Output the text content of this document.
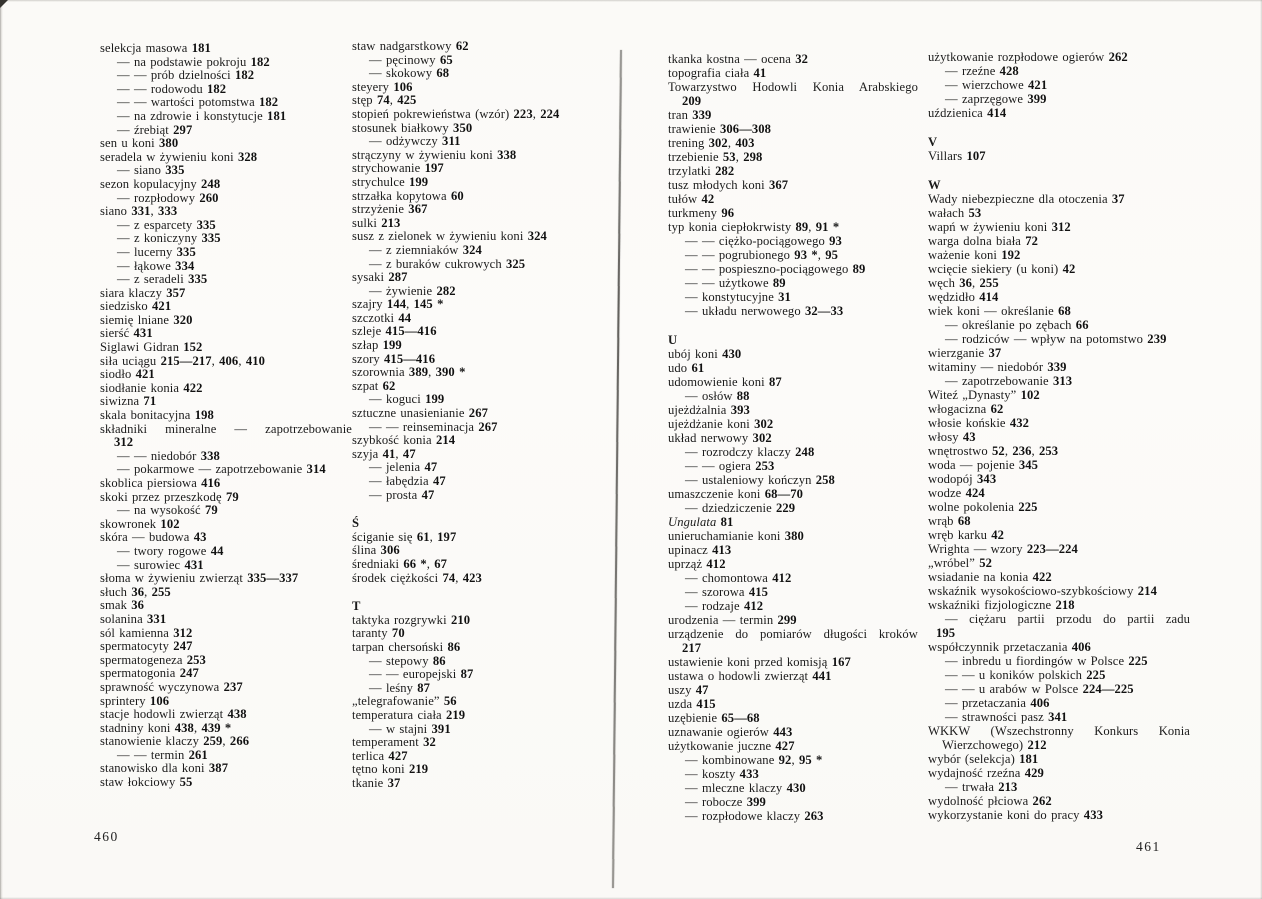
selekcja masowa 181
— na podstawie pokroju 182
— — prób dzielności 182
— — rodowodu 182
— — wartości potomstwa 182
— na zdrowie i konstytucje 181
— źrebiąt 297
sen u koni 380
seradela w żywieniu koni 328
— siano 335
sezon kopulacyjny 248
— rozpłodowy 260
siano 331, 333
— z esparcety 335
— z koniczyny 335
— lucerny 335
— łąkowe 334
— z seradeli 335
siara klaczy 357
siedzisko 421
siemię lniane 320
sierść 431
Siglawi Gidran 152
siła uciągu 215—217, 406, 410
siodło 421
siodłanie konia 422
siwizna 71
skala bonitacyjna 198
składniki mineralne — zapotrzebowanie312
— — niedobór 338
— pokarmowe — zapotrzebowanie 314
skoblica piersiowa 416
skoki przez przeszkodę 79
— na wysokość 79
skowronek 102
skóra — budowa 43
— twory rogowe 44
— surowiec 431
słoma w żywieniu zwierząt 335—337
słuch 36, 255
smak 36
solanina 331
sól kamienna 312
spermatocyty 247
spermatogeneza 253
spermatogonia 247
sprawność wyczynowa 237
sprintery 106
stacje hodowli zwierząt 438
stadniny koni 438, 439 *
stanowienie klaczy 259, 266
— — termin 261
stanowisko dla koni 387
staw łokciowy 55
staw nadgarstkowy 62
— pęcinowy 65
— skokowy 68
steyery 106
stęp 74, 425
stopień pokrewieństwa (wzór) 223, 224
stosunek białkowy 350
— odżywczy 311
strączyny w żywieniu koni 338
strychowanie 197
strychulce 199
strzałka kopytowa 60
strzyżenie 367
sulki 213
susz z zielonek w żywieniu koni 324
— z ziemniaków 324
— z buraków cukrowych 325
sysaki 287
— żywienie 282
szajry 144, 145 *
szczotki 44
szleje 415—416
szłap 199
szory 415—416
szorownia 389, 390 *
szpat 62
— koguci 199
sztuczne unasienianie 267
— — reinseminacja 267
szybkość konia 214
szyja 41, 47
— jelenia 47
— łabędzia 47
— prosta 47
Ś
ściganie się 61, 197
ślina 306
średniaki 66 *, 67
środek ciężkości 74, 423
T
taktyka rozgrywki 210
taranty 70
tarpan chersoński 86
— stepowy 86
— — europejski 87
— leśny 87
„telegrafowanie” 56
temperatura ciała 219
— w stajni 391
temperament 32
terlica 427
tętno koni 219
tkanie 37
tkanka kostna — ocena 32
topografia ciała 41
Towarzystwo Hodowli Konia Arabskiego209
tran 339
trawienie 306—308
trening 302, 403
trzebienie 53, 298
trzylatki 282
tusz młodych koni 367
tułów 42
turkmeny 96
typ konia ciepłokrwisty 89, 91 *
— — ciężko-pociągowego 93
— — pogrubionego 93 *, 95
— — pospieszno-pociągowego 89
— — użytkowe 89
— konstytucyjne 31
— układu nerwowego 32—33
U
ubój koni 430
udo 61
udomowienie koni 87
— osłów 88
ujeżdżalnia 393
ujeżdżanie koni 302
układ nerwowy 302
— rozrodczy klaczy 248
— — ogiera 253
— ustaleniowy kończyn 258
umaszczenie koni 68—70
— dziedziczenie 229
Ungulata 81
unieruchamianie koni 380
upinacz 413
uprząż 412
— chomontowa 412
— szorowa 415
— rodzaje 412
urodzenia — termin 299
urządzenie do pomiarów długości kroków217
ustawienie koni przed komisją 167
ustawa o hodowli zwierząt 441
uszy 47
uzda 415
uzębienie 65—68
uznawanie ogierów 443
użytkowanie juczne 427
— kombinowane 92, 95 *
— koszty 433
— mleczne klaczy 430
— robocze 399
— rozpłodowe klaczy 263
użytkowanie rozpłodowe ogierów 262
— rzeźne 428
— wierzchowe 421
— zaprzęgowe 399
uździenica 414
V
Villars 107
W
Wady niebezpieczne dla otoczenia 37
wałach 53
wapń w żywieniu koni 312
warga dolna biała 72
ważenie koni 192
wcięcie siekiery (u koni) 42
węch 36, 255
wędzidło 414
wiek koni — określanie 68
— określanie po zębach 66
— rodziców — wpływ na potomstwo 239
wierzganie 37
witaminy — niedobór 339
— zapotrzebowanie 313
Witeź „Dynasty” 102
włogacizna 62
włosie końskie 432
włosy 43
wnętrostwo 52, 236, 253
woda — pojenie 345
wodopój 343
wodze 424
wolne pokolenia 225
wrąb 68
wręb karku 42
Wrighta — wzory 223—224
„wróbel” 52
wsiadanie na konia 422
wskaźnik wysokościowo-szybkościowy 214
wskaźniki fizjologiczne 218
— ciężaru partii przodu do partii zadu195
współczynnik przetaczania 406
— inbredu u fiordingów w Polsce 225
— — u koników polskich 225
— — u arabów w Polsce 224—225
— przetaczania 406
— strawności pasz 341
WKKW (Wszechstronny Konkurs KoniaWierzchowego) 212
wybór (selekcja) 181
wydajność rzeźna 429
— trwała 213
wydolność płciowa 262
wykorzystanie koni do pracy 433
460
461
